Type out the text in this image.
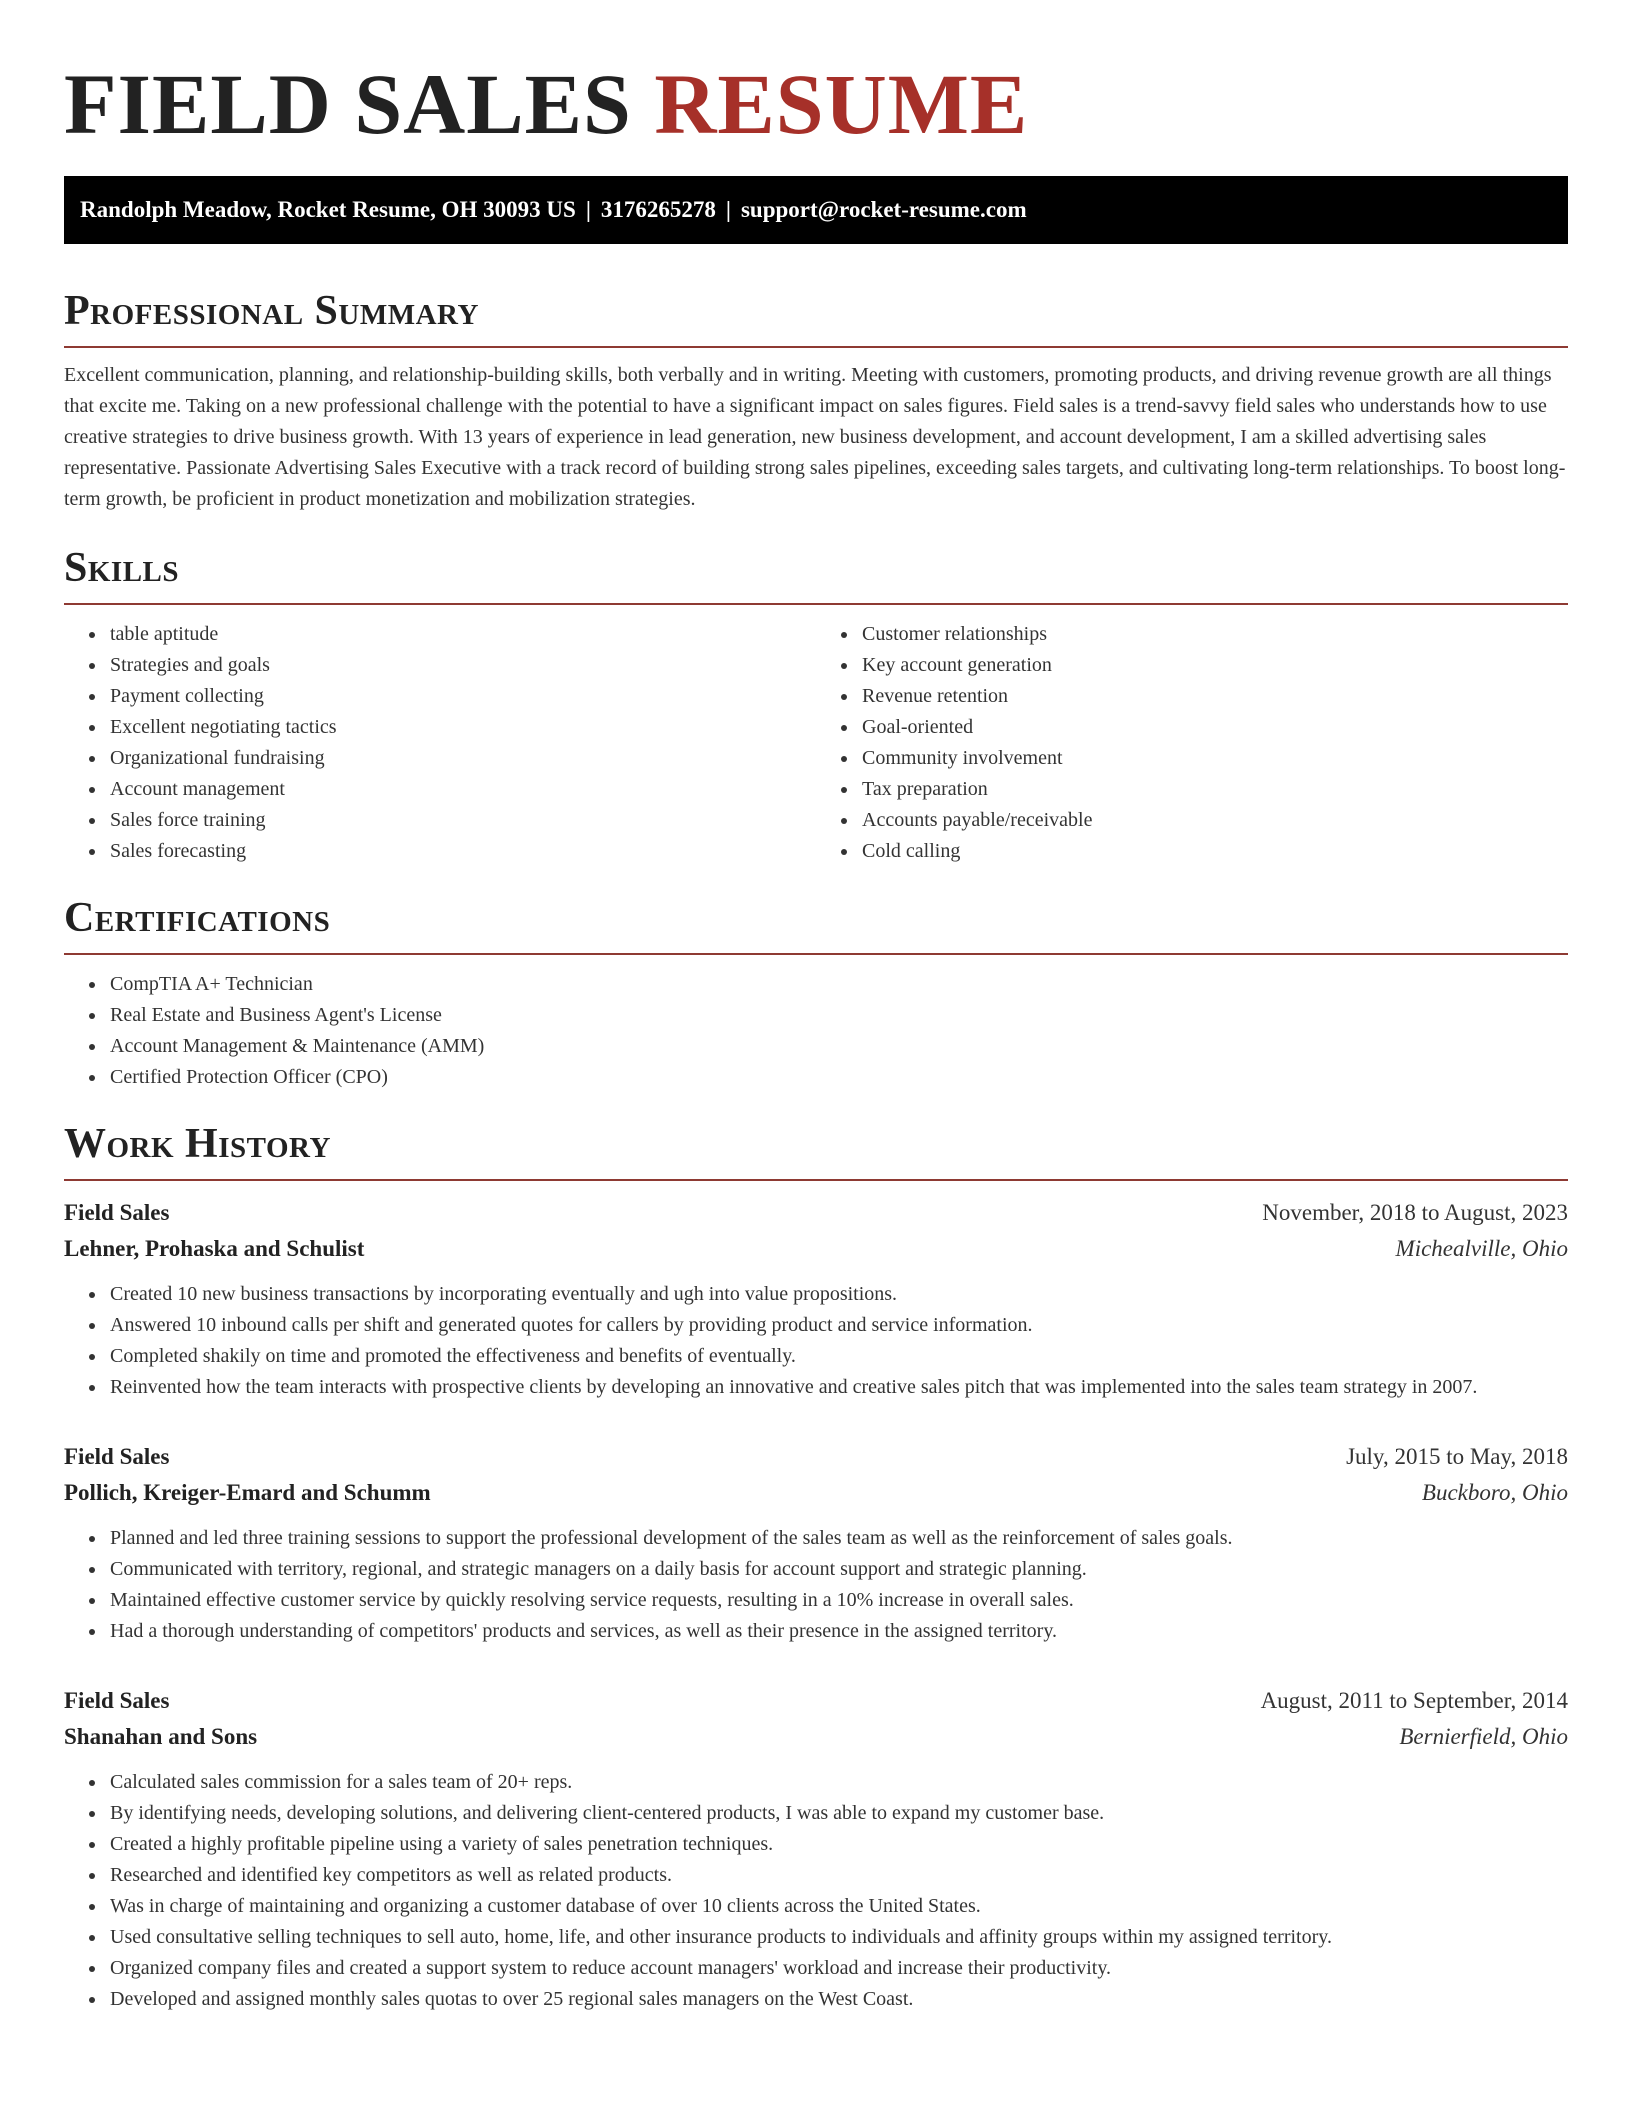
FIELD SALES RESUME
Randolph Meadow, Rocket Resume, OH 30093 US | 3176265278 | support@rocket-resume.com
Professional Summary

Excellent communication, planning, and relationship-building skills, both verbally and in writing. Meeting with customers, promoting products, and driving revenue growth are all things that excite me. Taking on a new professional challenge with the potential to have a significant impact on sales figures. Field sales is a trend-savvy field sales who understands how to use creative strategies to drive business growth. With 13 years of experience in lead generation, new business development, and account development, I am a skilled advertising sales representative. Passionate Advertising Sales Executive with a track record of building strong sales pipelines, exceeding sales targets, and cultivating long-term relationships. To boost long-term growth, be proficient in product monetization and mobilization strategies.

Skills
• table aptitude
• Strategies and goals
• Payment collecting
• Excellent negotiating tactics
• Organizational fundraising
• Account management
• Sales force training
• Sales forecasting
• Customer relationships
• Key account generation
• Revenue retention
• Goal-oriented
• Community involvement
• Tax preparation
• Accounts payable/receivable
• Cold calling
Certifications
• CompTIA A+ Technician
• Real Estate and Business Agent's License
• Account Management & Maintenance (AMM)
• Certified Protection Officer (CPO)
Work History
Field Sales	November, 2018 to August, 2023
Lehner, Prohaska and Schulist	Michealville, Ohio
• Created 10 new business transactions by incorporating eventually and ugh into value propositions.
• Answered 10 inbound calls per shift and generated quotes for callers by providing product and service information.
• Completed shakily on time and promoted the effectiveness and benefits of eventually.
• Reinvented how the team interacts with prospective clients by developing an innovative and creative sales pitch that was implemented into the sales team strategy in 2007.
Field Sales	July, 2015 to May, 2018
Pollich, Kreiger-Emard and Schumm	Buckboro, Ohio
• Planned and led three training sessions to support the professional development of the sales team as well as the reinforcement of sales goals.
• Communicated with territory, regional, and strategic managers on a daily basis for account support and strategic planning.
• Maintained effective customer service by quickly resolving service requests, resulting in a 10% increase in overall sales.
• Had a thorough understanding of competitors' products and services, as well as their presence in the assigned territory.
Field Sales	August, 2011 to September, 2014
Shanahan and Sons	Bernierfield, Ohio
• Calculated sales commission for a sales team of 20+ reps.
• By identifying needs, developing solutions, and delivering client-centered products, I was able to expand my customer base.
• Created a highly profitable pipeline using a variety of sales penetration techniques.
• Researched and identified key competitors as well as related products.
• Was in charge of maintaining and organizing a customer database of over 10 clients across the United States.
• Used consultative selling techniques to sell auto, home, life, and other insurance products to individuals and affinity groups within my assigned territory.
• Organized company files and created a support system to reduce account managers' workload and increase their productivity.
• Developed and assigned monthly sales quotas to over 25 regional sales managers on the West Coast.
